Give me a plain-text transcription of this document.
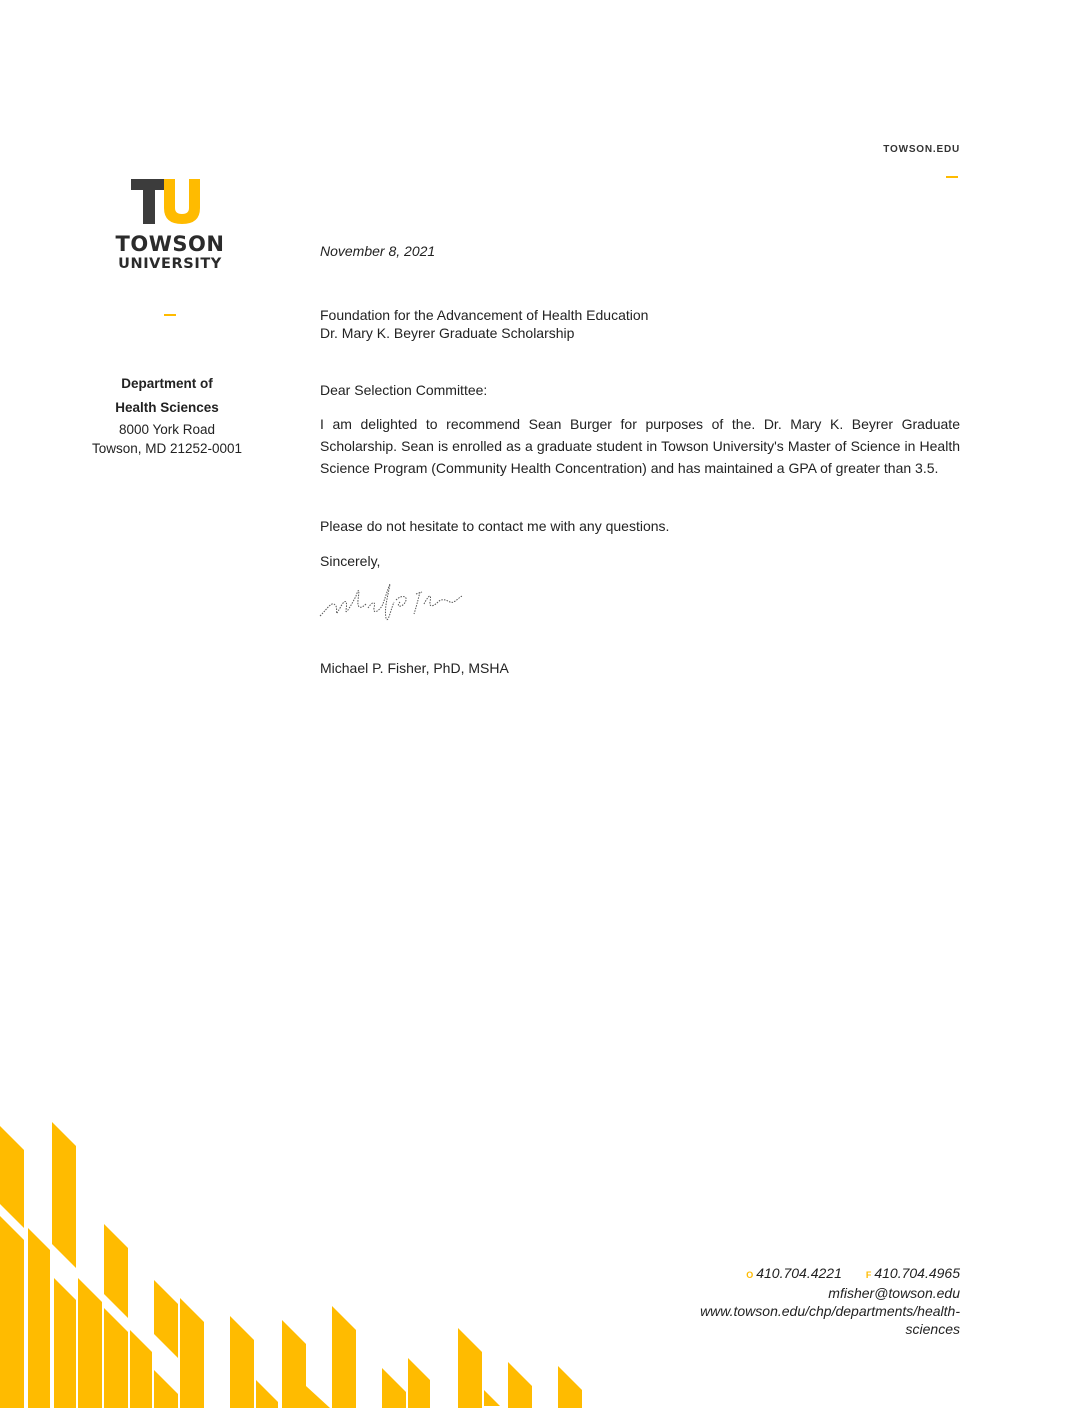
TOWSON.EDU
TOWSON
UNIVERSITY
Department of
Health Sciences
8000 York Road
Towson, MD 21252-0001
November 8, 2021
Foundation for the Advancement of Health Education
Dr. Mary K. Beyrer Graduate Scholarship
Dear Selection Committee:
I am delighted to recommend Sean Burger for purposes of the. Dr. Mary K. Beyrer Graduate Scholarship. Sean is enrolled as a graduate student in Towson University's Master of Science in Health Science Program (Community Health Concentration) and has maintained a GPA of greater than 3.5.
Please do not hesitate to contact me with any questions.
Sincerely,
Michael P. Fisher, PhD, MSHA
O 410.704.4221	F 410.704.4965
mfisher@towson.edu
www.towson.edu/chp/departments/health-
sciences
